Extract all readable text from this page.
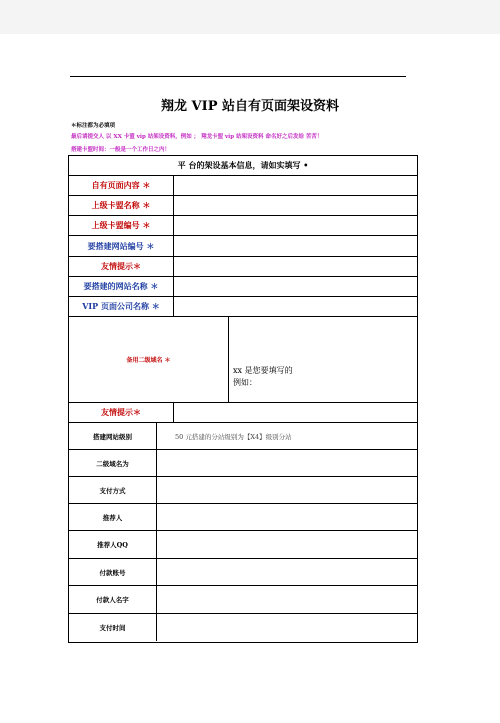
翔龙 VIP 站自有页面架设资料
＊标注都为必填项
最后请提交人 以 XX 卡盟 vip 站架设资料，例如 ； 翔龙卡盟 vip 站架设资料 命名好之后发给 苦苦！
搭建卡盟时间：一般是一个工作日之内！
平 台的架设基本信息，请如实填写 •
自有页面内容 ＊
上级卡盟名称 ＊
上级卡盟编号 ＊
要搭建网站编号 ＊
友情提示＊
要搭建的网站名称 ＊
VIP 页面公司名称 ＊
备用二级域名 ＊
xx 是您要填写的
例如：
友情提示＊
搭建网站级别	50 元搭建的分站级别为【X4】级别分站
二级域名为
支付方式
推荐人
推荐人QQ
付款账号
付款人名字
支付时间
